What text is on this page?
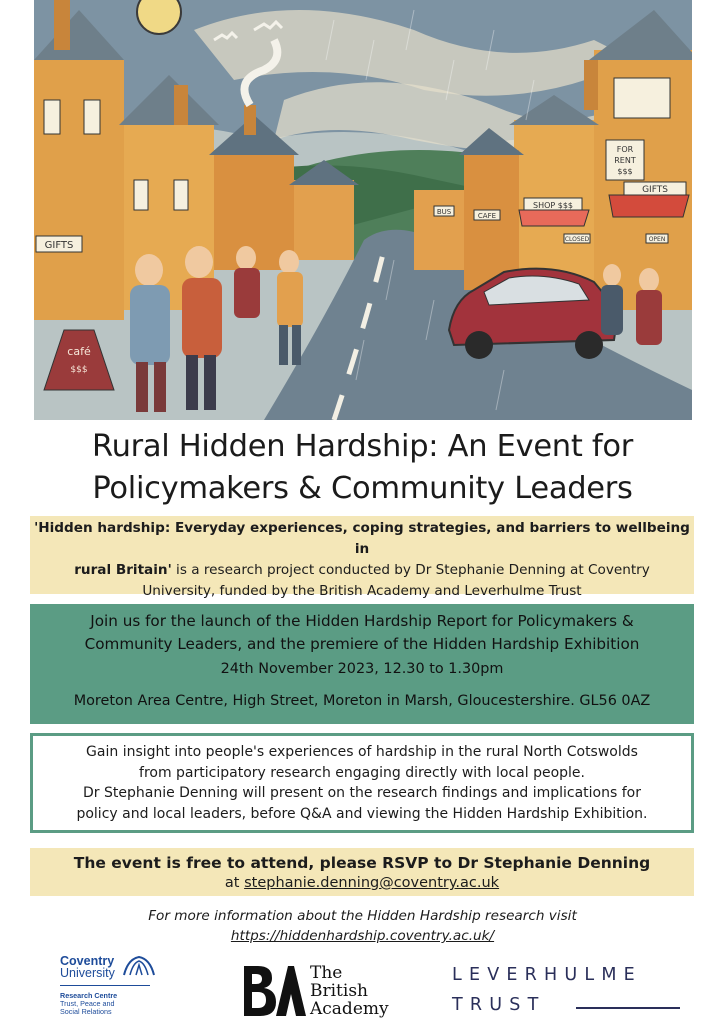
GIFTS
café
$$$
FOR
RENT
$$$
GIFTS
SHOP $$$
BUS	CAFE
CLOSED	OPEN
Rural Hidden Hardship: An Event for
Policymakers & Community Leaders
'Hidden hardship: Everyday experiences, coping strategies, and barriers to wellbeing in
rural Britain' is a research project conducted by Dr Stephanie Denning at Coventry
University, funded by the British Academy and Leverhulme Trust
Join us for the launch of the Hidden Hardship Report for Policymakers &
Community Leaders, and the premiere of the Hidden Hardship Exhibition
24th November 2023, 12.30 to 1.30pm
Moreton Area Centre, High Street, Moreton in Marsh, Gloucestershire. GL56 0AZ
Gain insight into people's experiences of hardship in the rural North Cotswolds
from participatory research engaging directly with local people.
Dr Stephanie Denning will present on the research findings and implications for
policy and local leaders, before Q&A and viewing the Hidden Hardship Exhibition.
The event is free to attend, please RSVP to Dr Stephanie Denning
at stephanie.denning@coventry.ac.uk
For more information about the Hidden Hardship research visit
https://hiddenhardship.coventry.ac.uk/
Coventry
University
Research Centre
Trust, Peace and
Social Relations
The
British
Academy
LEVERHULME
TRUST
